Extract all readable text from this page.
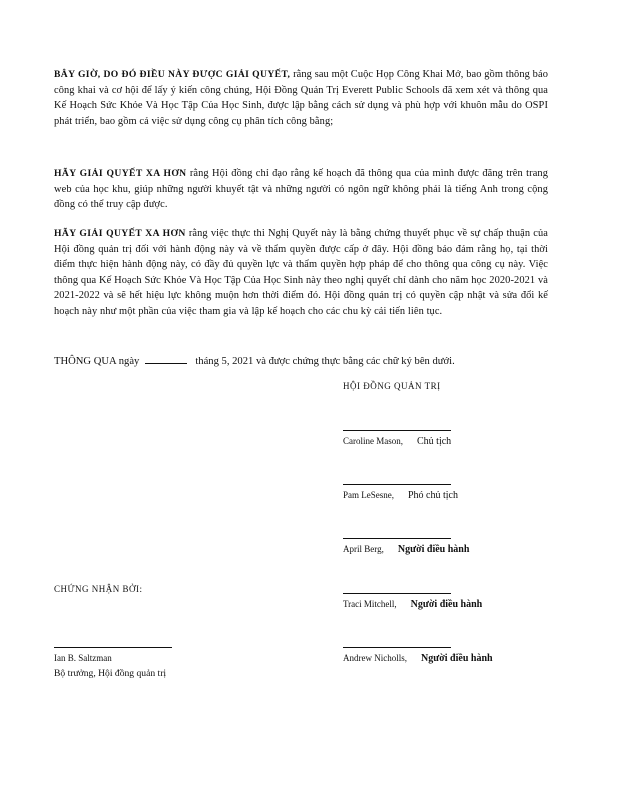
BÂY GIỜ, DO ĐÓ ĐIỀU NÀY ĐƯỢC GIẢI QUYẾT, rằng sau một Cuộc Họp Công Khai Mở, bao gồm thông báo công khai và cơ hội để lấy ý kiến công chúng, Hội Đồng Quản Trị Everett Public Schools đã xem xét và thông qua Kế Hoạch Sức Khỏe Và Học Tập Của Học Sinh, được lập bằng cách sử dụng và phù hợp với khuôn mẫu do OSPI phát triển, bao gồm cả việc sử dụng công cụ phân tích công bằng;
HÃY GIẢI QUYẾT XA HƠN rằng Hội đồng chỉ đạo rằng kế hoạch đã thông qua của mình được đăng trên trang web của học khu, giúp những người khuyết tật và những người có ngôn ngữ không phải là tiếng Anh trong cộng đồng có thể truy cập được.
HÃY GIẢI QUYẾT XA HƠN rằng việc thực thi Nghị Quyết này là bằng chứng thuyết phục về sự chấp thuận của Hội đồng quản trị đối với hành động này và về thẩm quyền được cấp ở đây. Hội đồng bảo đảm rằng họ, tại thời điểm thực hiện hành động này, có đầy đủ quyền lực và thẩm quyền hợp pháp để cho thông qua công cụ này. Việc thông qua Kế Hoạch Sức Khỏe Và Học Tập Của Học Sinh này theo nghị quyết chỉ dành cho năm học 2020-2021 và 2021-2022 và sẽ hết hiệu lực không muộn hơn thời điểm đó. Hội đồng quản trị có quyền cập nhật và sửa đổi kế hoạch này như một phần của việc tham gia và lập kế hoạch cho các chu kỳ cải tiến liên tục.
THÔNG QUA ngày	tháng 5, 2021 và được chứng thực bằng các chữ ký bên dưới.
HỘI ĐỒNG QUẢN TRỊ
Caroline Mason, Chủ tịch
Pam LeSesne, Phó chủ tịch
April Berg, Người điều hành
CHỨNG NHẬN BỞI:
Traci Mitchell, Người điều hành
Ian B. Saltzman
Bộ trưởng, Hội đồng quản trị
Andrew Nicholls, Người điều hành
